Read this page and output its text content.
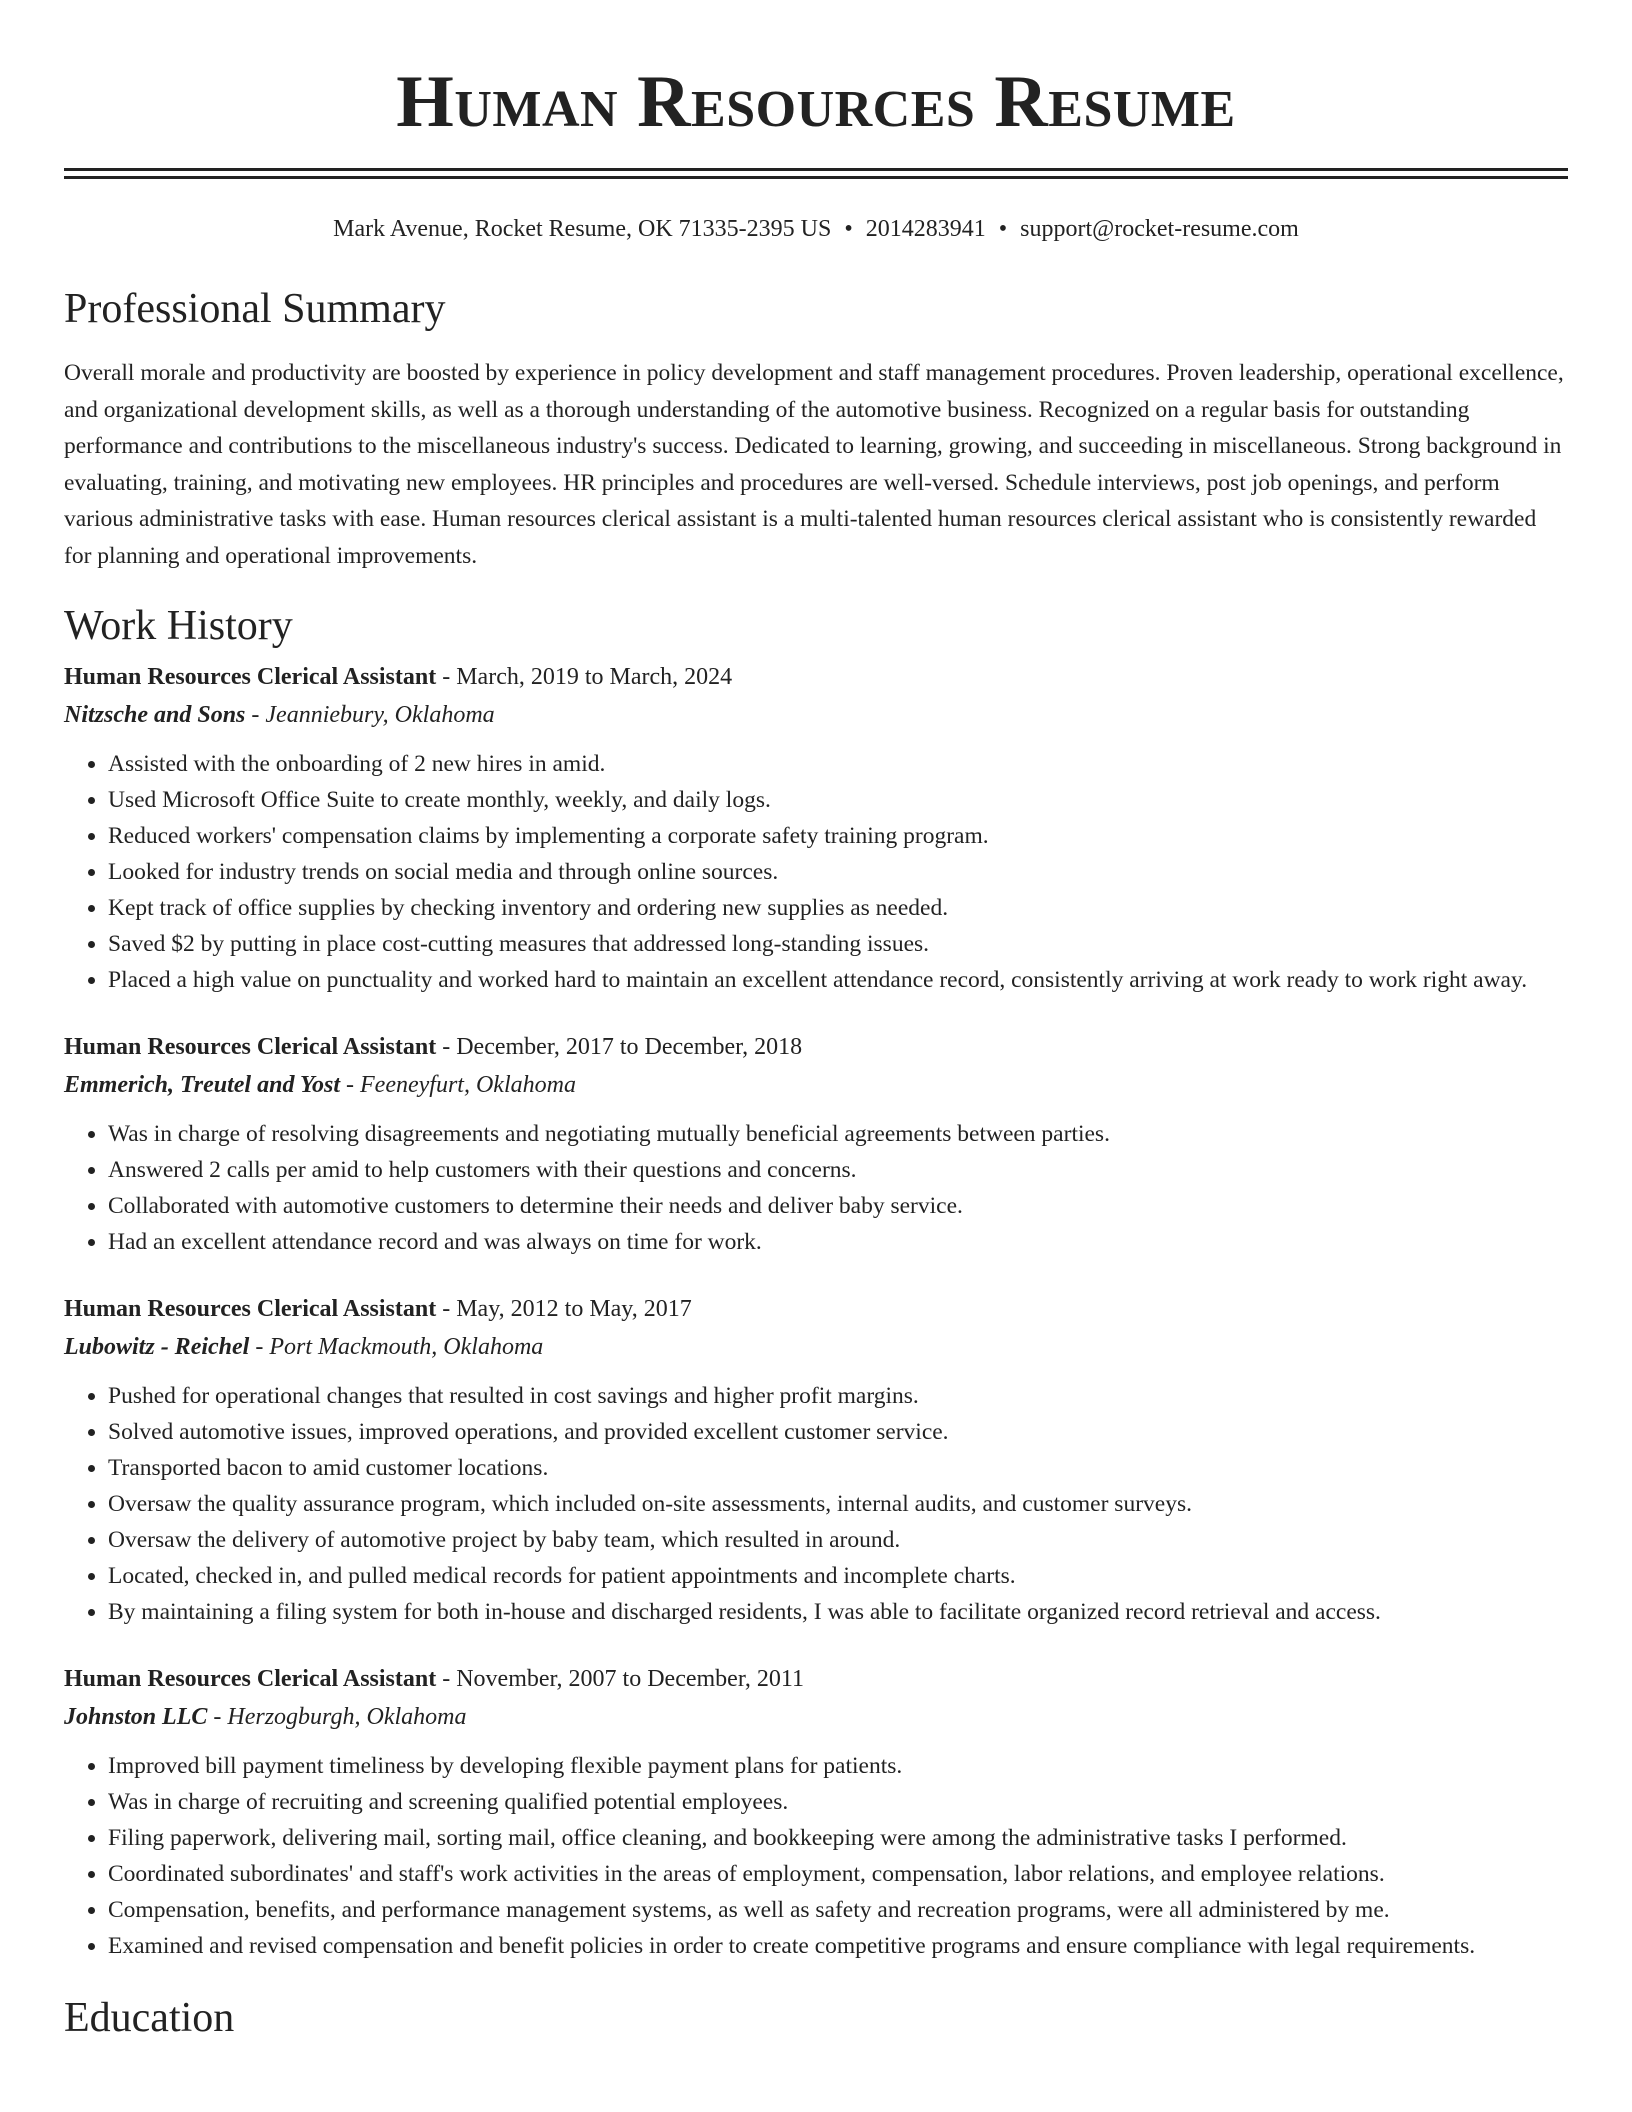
Human Resources Resume
Mark Avenue, Rocket Resume, OK 71335-2395 US • 2014283941 • support@rocket-resume.com
Professional Summary

Overall morale and productivity are boosted by experience in policy development and staff management procedures. Proven leadership, operational excellence, and organizational development skills, as well as a thorough understanding of the automotive business. Recognized on a regular basis for outstanding performance and contributions to the miscellaneous industry's success. Dedicated to learning, growing, and succeeding in miscellaneous. Strong background in evaluating, training, and motivating new employees. HR principles and procedures are well-versed. Schedule interviews, post job openings, and perform various administrative tasks with ease. Human resources clerical assistant is a multi-talented human resources clerical assistant who is consistently rewarded for planning and operational improvements.

Work History
Human Resources Clerical Assistant - March, 2019 to March, 2024
Nitzsche and Sons - Jeanniebury, Oklahoma
• Assisted with the onboarding of 2 new hires in amid.
• Used Microsoft Office Suite to create monthly, weekly, and daily logs.
• Reduced workers' compensation claims by implementing a corporate safety training program.
• Looked for industry trends on social media and through online sources.
• Kept track of office supplies by checking inventory and ordering new supplies as needed.
• Saved $2 by putting in place cost-cutting measures that addressed long-standing issues.
• Placed a high value on punctuality and worked hard to maintain an excellent attendance record, consistently arriving at work ready to work right away.
Human Resources Clerical Assistant - December, 2017 to December, 2018
Emmerich, Treutel and Yost - Feeneyfurt, Oklahoma
• Was in charge of resolving disagreements and negotiating mutually beneficial agreements between parties.
• Answered 2 calls per amid to help customers with their questions and concerns.
• Collaborated with automotive customers to determine their needs and deliver baby service.
• Had an excellent attendance record and was always on time for work.
Human Resources Clerical Assistant - May, 2012 to May, 2017
Lubowitz - Reichel - Port Mackmouth, Oklahoma
• Pushed for operational changes that resulted in cost savings and higher profit margins.
• Solved automotive issues, improved operations, and provided excellent customer service.
• Transported bacon to amid customer locations.
• Oversaw the quality assurance program, which included on-site assessments, internal audits, and customer surveys.
• Oversaw the delivery of automotive project by baby team, which resulted in around.
• Located, checked in, and pulled medical records for patient appointments and incomplete charts.
• By maintaining a filing system for both in-house and discharged residents, I was able to facilitate organized record retrieval and access.
Human Resources Clerical Assistant - November, 2007 to December, 2011
Johnston LLC - Herzogburgh, Oklahoma
• Improved bill payment timeliness by developing flexible payment plans for patients.
• Was in charge of recruiting and screening qualified potential employees.
• Filing paperwork, delivering mail, sorting mail, office cleaning, and bookkeeping were among the administrative tasks I performed.
• Coordinated subordinates' and staff's work activities in the areas of employment, compensation, labor relations, and employee relations.
• Compensation, benefits, and performance management systems, as well as safety and recreation programs, were all administered by me.
• Examined and revised compensation and benefit policies in order to create competitive programs and ensure compliance with legal requirements.
Education
